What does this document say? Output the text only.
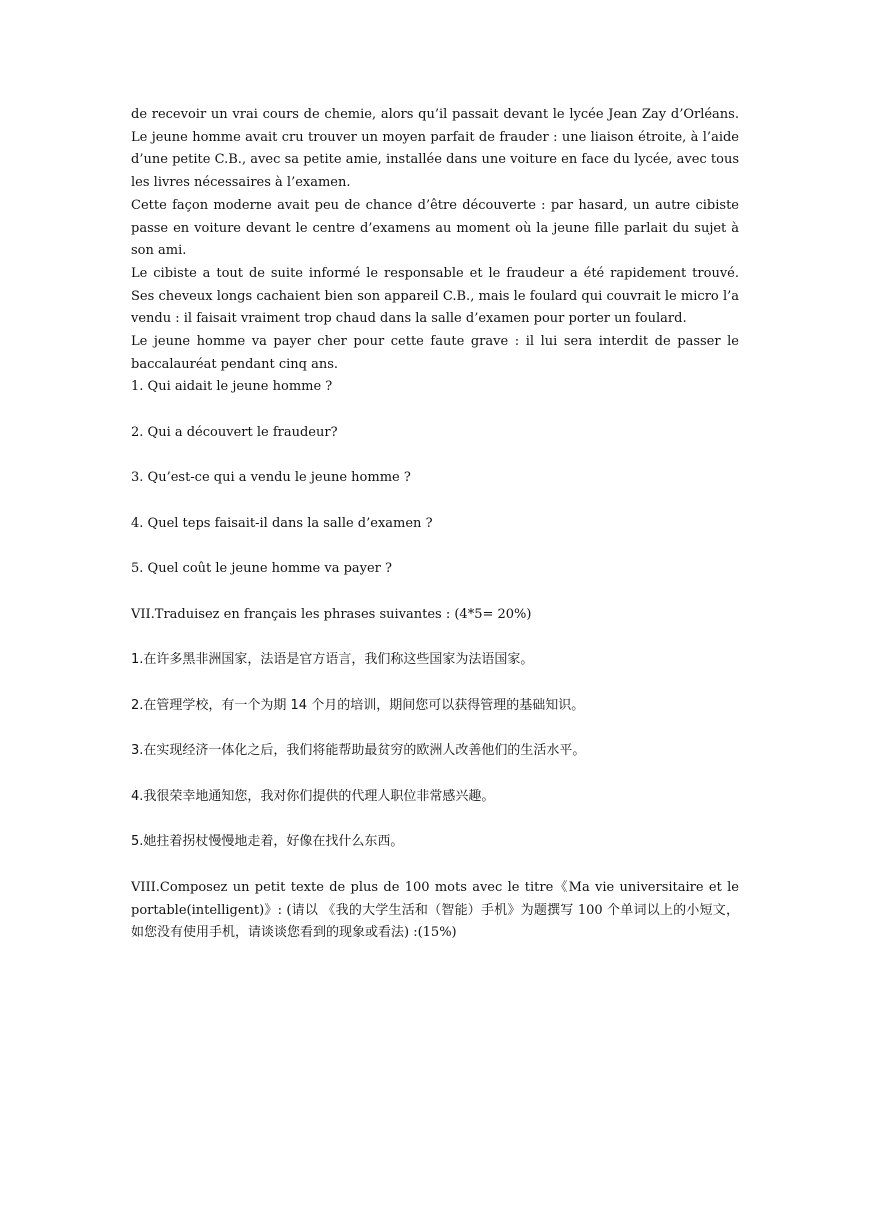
de recevoir un vrai cours de chemie, alors qu’il passait devant le lycée Jean Zay d’Orléans. Le jeune homme avait cru trouver un moyen parfait de frauder : une liaison étroite, à l’aide d’une petite C.B., avec sa petite amie, installée dans une voiture en face du lycée, avec tous les livres nécessaires à l’examen.

Cette façon moderne avait peu de chance d’être découverte : par hasard, un autre cibiste passe en voiture devant le centre d’examens au moment où la jeune fille parlait du sujet à son ami.

Le cibiste a tout de suite informé le responsable et le fraudeur a été rapidement trouvé. Ses cheveux longs cachaient bien son appareil C.B., mais le foulard qui couvrait le micro l’a vendu : il faisait vraiment trop chaud dans la salle d’examen pour porter un foulard.

Le jeune homme va payer cher pour cette faute grave : il lui sera interdit de passer le baccalauréat pendant cinq ans.

1. Qui aidait le jeune homme ?

2. Qui a découvert le fraudeur?

3. Qu’est-ce qui a vendu le jeune homme ?

4. Quel teps faisait-il dans la salle d’examen ?

5. Quel coût le jeune homme va payer ?

VII.Traduisez en français les phrases suivantes : (4*5= 20%)

1.在许多黑非洲国家，法语是官方语言，我们称这些国家为法语国家。

2.在管理学校，有一个为期 14 个月的培训，期间您可以获得管理的基础知识。

3.在实现经济一体化之后，我们将能帮助最贫穷的欧洲人改善他们的生活水平。

4.我很荣幸地通知您，我对你们提供的代理人职位非常感兴趣。

5.她拄着拐杖慢慢地走着，好像在找什么东西。

VIII.Composez un petit texte de plus de 100 mots avec le titre《Ma vie universitaire et le portable(intelligent)》: (请以 《我的大学生活和（智能）手机》为题撰写 100 个单词以上的小短文，如您没有使用手机，请谈谈您看到的现象或看法) :(15%)
